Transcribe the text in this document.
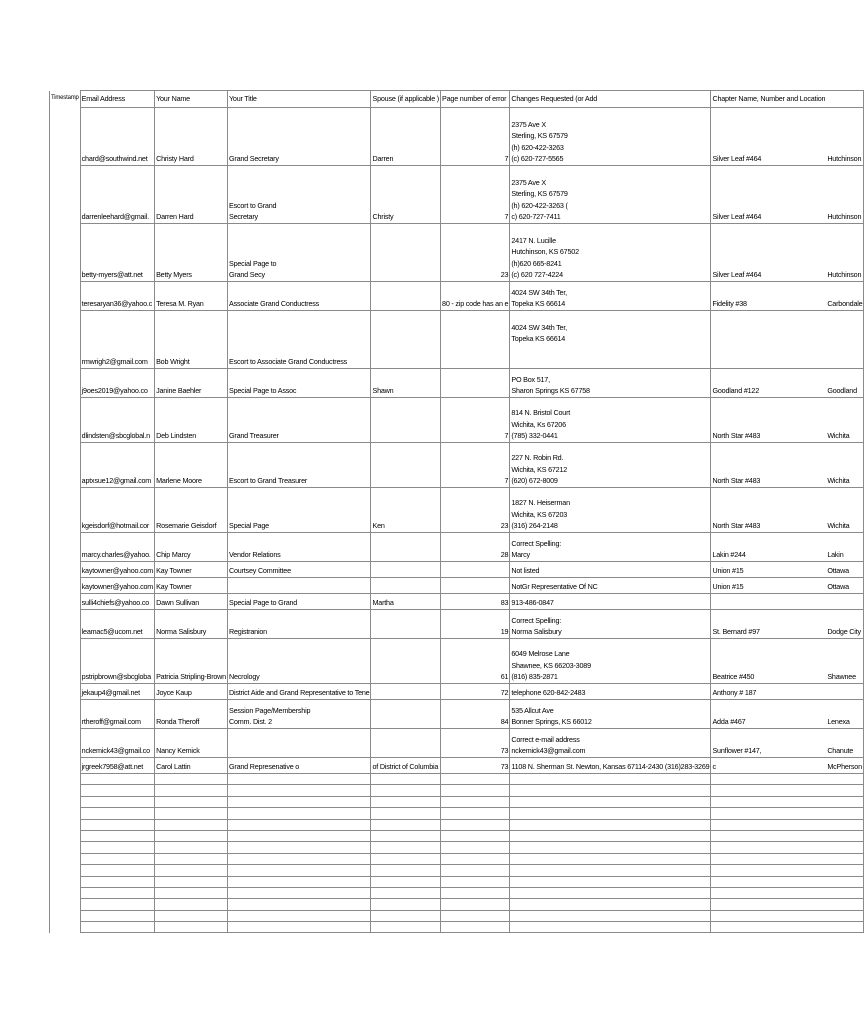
Timestamp	Email Address	Your Name	Your Title	Spouse (if applicable )	Page number of error	Changes Requested (or Add	Chapter Name, Number and Location	
	chard@southwind.net	Christy Hard	Grand Secretary	Darren	7	2375 Ave X
Sterling, KS 67579
(h) 620-422-3263
(c) 620-727-5565	Silver Leaf #464	Hutchinson
	darrenleehard@gmail.	Darren Hard	Escort to Grand
Secretary	Christy	7	2375 Ave X
Sterling, KS 67579
(h) 620-422-3263 (
c) 620-727-7411	Silver Leaf #464	Hutchinson
	betty-myers@att.net	Betty Myers	Special Page to
Grand Secy		23	2417 N. Lucille
Hutchinson, KS 67502
(h)620 665-8241
(c) 620 727-4224	Silver Leaf #464	Hutchinson
	teresaryan36@yahoo.c	Teresa M. Ryan	Associate Grand Conductress		80 - zip code has an e	4024 SW 34th Ter,
Topeka KS 66614	Fidelity #38	Carbondale
	rmwrigh2@gmail.com	Bob Wright	Escort to Associate Grand Conductress			4024 SW 34th Ter,
Topeka KS 66614

	j9oes2019@yahoo.co	Janine Baehler	Special Page to Assoc	Shawn		PO Box 517,
Sharon Springs KS 67758	Goodland #122	Goodland
	dlindsten@sbcglobal.n	Deb Lindsten	Grand Treasurer		7	814 N. Bristol Court
Wichita, Ks 67206
(785) 332-0441	North Star #483	Wichita
	aptxsue12@gmail.com	Marlene Moore	Escort to Grand Treasurer		7	227 N. Robin Rd.
Wichita, KS 67212
(620) 672-8009	North Star #483	Wichita
	kgeisdorf@hotmail.cor	Rosemarie Geisdorf	Special Page	Ken	23	1827 N. Heiserman
Wichita, KS 67203
(316) 264-2148	North Star #483	Wichita
	marcy.charles@yahoo.	Chip Marcy	Vendor Relations		28	Correct Spelling:
Marcy	Lakin #244	Lakin
	kaytowner@yahoo.com	Kay Towner	Courtsey Committee			Not listed	Union #15	Ottawa
	kaytowner@yahoo.com	Kay Towner				NotGr Representative Of NC	Union #15	Ottawa
	sulli4chiefs@yahoo.co	Dawn Sullivan	Special Page to Grand	Martha	83	913-486-0847		
	leamac5@ucom.net	Norma Salisbury	Registranion		19	Correct Spelling:
Norma Salisbury	St. Bernard #97	Dodge City
	pstripbrown@sbcgloba	Patricia Stripling-Brown	Necrology		61	6049 Melrose Lane
Shawnee, KS 66203-3089
(816) 835-2871	Beatrice #450	Shawnee
	jekaup4@gmail.net	Joyce Kaup	District Aide and Grand Representative to Tene		72	telephone 620-842-2483	Anthony # 187	
	rtheroff@gmail.com	Ronda Theroff	Session Page/Membership
Comm. Dist. 2		84	535 Allcut Ave
Bonner Springs, KS 66012	Adda #467	Lenexa
	nckemick43@gmail.co	Nancy Kemick			73	Correct e-mail address
nckemick43@gmail.com	Sunflower #147,	Chanute
	jrgreek7958@att.net	Carol Lattin	Grand Represenative o	of District of Columbia	73	1108 N. Sherman St. Newton, Kansas 67114-2430 (316)283-3269	c	McPherson
